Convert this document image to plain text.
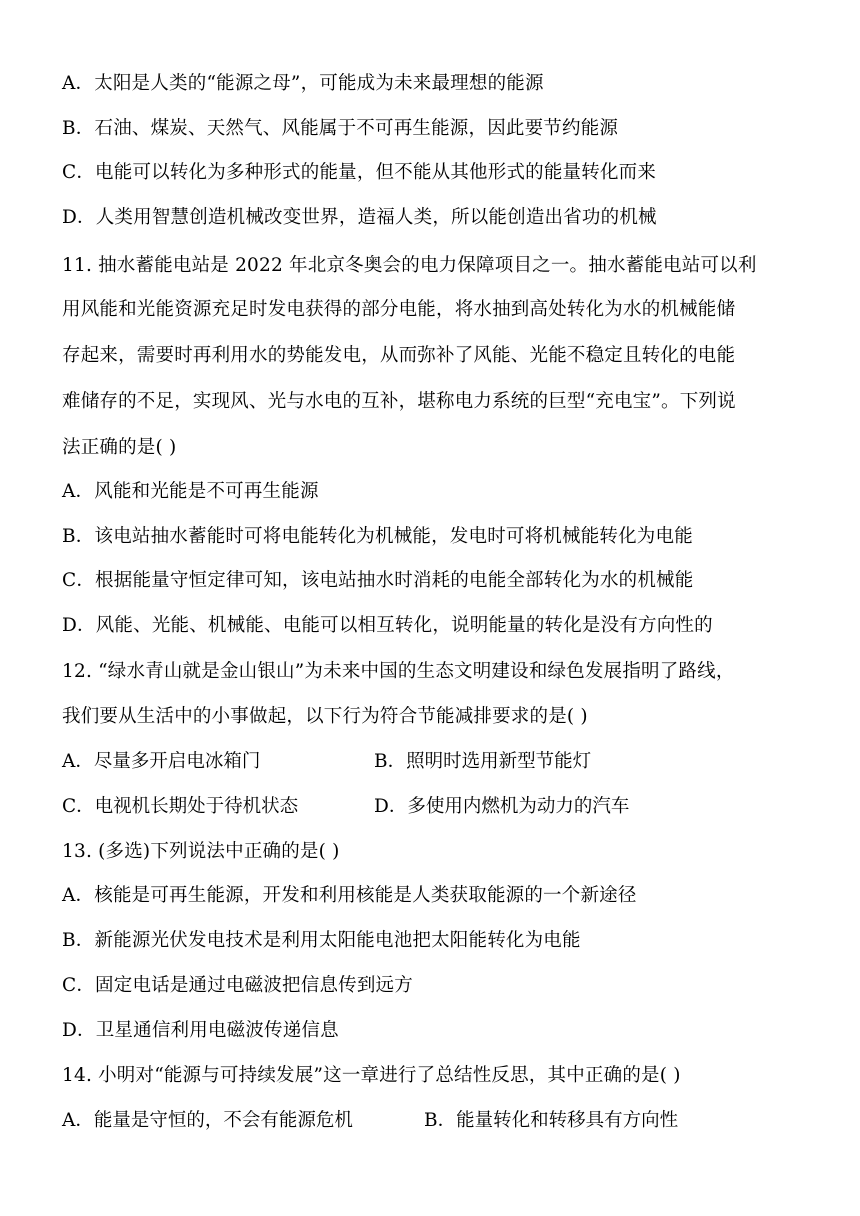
A．太阳是人类的“能源之母”，可能成为未来最理想的能源
B．石油、煤炭、天然气、风能属于不可再生能源，因此要节约能源
C．电能可以转化为多种形式的能量，但不能从其他形式的能量转化而来
D．人类用智慧创造机械改变世界，造福人类，所以能创造出省功的机械
11. 抽水蓄能电站是 2022 年北京冬奥会的电力保障项目之一。抽水蓄能电站可以利
用风能和光能资源充足时发电获得的部分电能，将水抽到高处转化为水的机械能储
存起来，需要时再利用水的势能发电，从而弥补了风能、光能不稳定且转化的电能
难储存的不足，实现风、光与水电的互补，堪称电力系统的巨型“充电宝”。下列说
法正确的是( )
A．风能和光能是不可再生能源
B．该电站抽水蓄能时可将电能转化为机械能，发电时可将机械能转化为电能
C．根据能量守恒定律可知，该电站抽水时消耗的电能全部转化为水的机械能
D．风能、光能、机械能、电能可以相互转化，说明能量的转化是没有方向性的
12. “绿水青山就是金山银山”为未来中国的生态文明建设和绿色发展指明了路线，
我们要从生活中的小事做起，以下行为符合节能减排要求的是( )
A．尽量多开启电冰箱门	B．照明时选用新型节能灯
C．电视机长期处于待机状态	D．多使用内燃机为动力的汽车
13. (多选)下列说法中正确的是( )
A．核能是可再生能源，开发和利用核能是人类获取能源的一个新途径
B．新能源光伏发电技术是利用太阳能电池把太阳能转化为电能
C．固定电话是通过电磁波把信息传到远方
D．卫星通信利用电磁波传递信息
14. 小明对“能源与可持续发展”这一章进行了总结性反思，其中正确的是( )
A．能量是守恒的，不会有能源危机	B．能量转化和转移具有方向性
